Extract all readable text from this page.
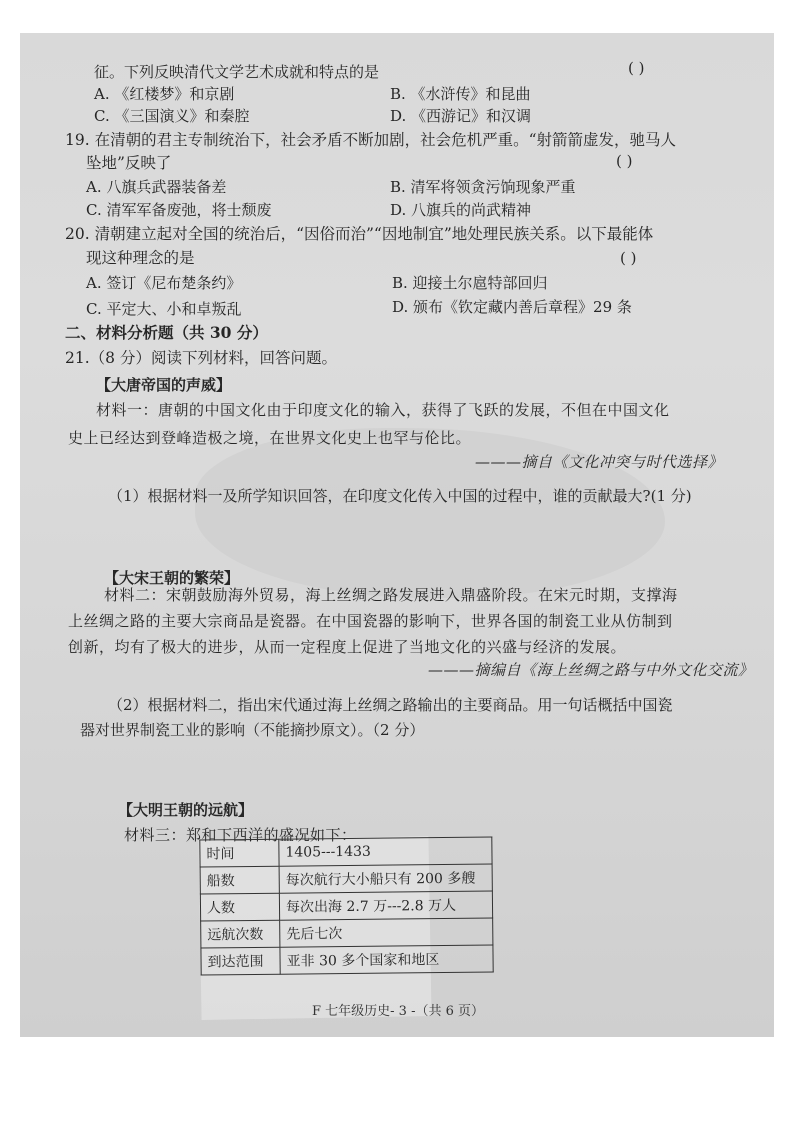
征。下列反映清代文学艺术成就和特点的是	( )
A. 《红楼梦》和京剧	B. 《水浒传》和昆曲
C. 《三国演义》和秦腔	D. 《西游记》和汉调
19. 在清朝的君主专制统治下，社会矛盾不断加剧，社会危机严重。“射箭箭虚发，驰马人
坠地”反映了	( )
A. 八旗兵武器装备差	B. 清军将领贪污饷现象严重
C. 清军军备废弛，将士颓废	D. 八旗兵的尚武精神
20. 清朝建立起对全国的统治后，“因俗而治”“因地制宜”地处理民族关系。以下最能体
现这种理念的是	( )
A. 签订《尼布楚条约》	B. 迎接土尔扈特部回归
C. 平定大、小和卓叛乱	D. 颁布《钦定藏内善后章程》29 条
二、材料分析题（共 30 分）
21.（8 分）阅读下列材料，回答问题。
【大唐帝国的声威】
材料一：唐朝的中国文化由于印度文化的输入，获得了飞跃的发展，不但在中国文化
史上已经达到登峰造极之境，在世界文化史上也罕与伦比。
———摘自《文化冲突与时代选择》
（1）根据材料一及所学知识回答，在印度文化传入中国的过程中，谁的贡献最大?(1 分)
【大宋王朝的繁荣】
材料二：宋朝鼓励海外贸易，海上丝绸之路发展进入鼎盛阶段。在宋元时期，支撑海
上丝绸之路的主要大宗商品是瓷器。在中国瓷器的影响下，世界各国的制瓷工业从仿制到
创新，均有了极大的进步，从而一定程度上促进了当地文化的兴盛与经济的发展。
———摘编自《海上丝绸之路与中外文化交流》
（2）根据材料二，指出宋代通过海上丝绸之路输出的主要商品。用一句话概括中国瓷
器对世界制瓷工业的影响（不能摘抄原文）。（2 分）
【大明王朝的远航】
材料三：郑和下西洋的盛况如下：
时间	1405---1433
船数	每次航行大小船只有 200 多艘
人数	每次出海 2.7 万---2.8 万人
远航次数	先后七次
到达范围	亚非 30 多个国家和地区
F 七年级历史- 3 -（共 6 页）
